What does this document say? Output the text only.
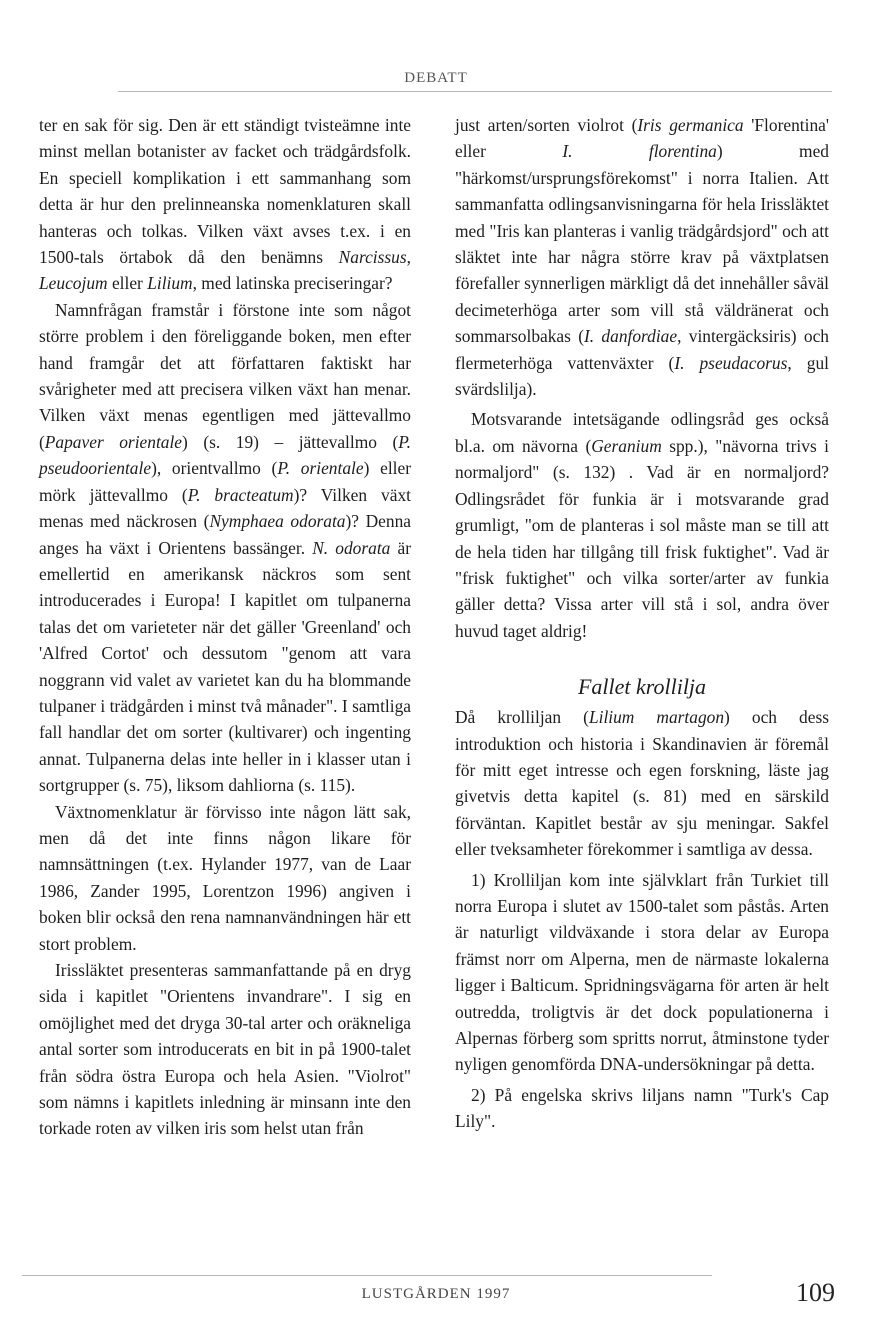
DEBATT

ter en sak för sig. Den är ett ständigt tvisteämne inte minst mellan botanister av facket och trädgårdsfolk. En speciell komplikation i ett sammanhang som detta är hur den prelinneanska nomenklaturen skall hanteras och tolkas. Vilken växt avses t.ex. i en 1500-tals örtabok då den benämns Narcissus, Leucojum eller Lilium, med latinska preciseringar?

Namnfrågan framstår i förstone inte som något större problem i den föreliggande boken, men efter hand framgår det att författaren faktiskt har svårigheter med att precisera vilken växt han menar. Vilken växt menas egentligen med jättevallmo (Papaver orientale) (s. 19) – jättevallmo (P. pseudoorientale), orientvallmo (P. orientale) eller mörk jättevallmo (P. bracteatum)? Vilken växt menas med näckrosen (Nymphaea odorata)? Denna anges ha växt i Orientens bassänger. N. odorata är emellertid en amerikansk näckros som sent introducerades i Europa! I kapitlet om tulpanerna talas det om varieteter när det gäller 'Greenland' och 'Alfred Cortot' och dessutom "genom att vara noggrann vid valet av varietet kan du ha blommande tulpaner i trädgården i minst två månader". I samtliga fall handlar det om sorter (kultivarer) och ingenting annat. Tulpanerna delas inte heller in i klasser utan i sortgrupper (s. 75), liksom dahliorna (s. 115).

Växtnomenklatur är förvisso inte någon lätt sak, men då det inte finns någon likare för namnsättningen (t.ex. Hylander 1977, van de Laar 1986, Zander 1995, Lorentzon 1996) angiven i boken blir också den rena namnanvändningen här ett stort problem.

Irissläktet presenteras sammanfattande på en dryg sida i kapitlet "Orientens invandrare". I sig en omöjlighet med det dryga 30-tal arter och oräkneliga antal sorter som introducerats en bit in på 1900-talet från södra östra Europa och hela Asien. "Violrot" som nämns i kapitlets inledning är minsann inte den torkade roten av vilken iris som helst utan från

just arten/sorten violrot (Iris germanica 'Florentina' eller I. florentina) med "härkomst/ursprungsförekomst" i norra Italien. Att sammanfatta odlingsanvisningarna för hela Irissläktet med "Iris kan planteras i vanlig trädgårdsjord" och att släktet inte har några större krav på växtplatsen förefaller synnerligen märkligt då det innehåller såväl decimeterhöga arter som vill stå väldränerat och sommarsolbakas (I. danfordiae, vintergäcksiris) och flermeterhöga vattenväxter (I. pseudacorus, gul svärdslilja).

Motsvarande intetsägande odlingsråd ges också bl.a. om nävorna (Geranium spp.), "nävorna trivs i normaljord" (s. 132) . Vad är en normaljord? Odlingsrådet för funkia är i motsvarande grad grumligt, "om de planteras i sol måste man se till att de hela tiden har tillgång till frisk fuktighet". Vad är "frisk fuktighet" och vilka sorter/arter av funkia gäller detta? Vissa arter vill stå i sol, andra över huvud taget aldrig!

Fallet krollilja

Då krolliljan (Lilium martagon) och dess introduktion och historia i Skandinavien är föremål för mitt eget intresse och egen forskning, läste jag givetvis detta kapitel (s. 81) med en särskild förväntan. Kapitlet består av sju meningar. Sakfel eller tveksamheter förekommer i samtliga av dessa.

1) Krolliljan kom inte självklart från Turkiet till norra Europa i slutet av 1500-talet som påstås. Arten är naturligt vildväxande i stora delar av Europa främst norr om Alperna, men de närmaste lokalerna ligger i Balticum. Spridningsvägarna för arten är helt outredda, troligtvis är det dock populationerna i Alpernas förberg som spritts norrut, åtminstone tyder nyligen genomförda DNA-undersökningar på detta.

2) På engelska skrivs liljans namn "Turk's Cap Lily".

LUSTGÅRDEN 1997	109
